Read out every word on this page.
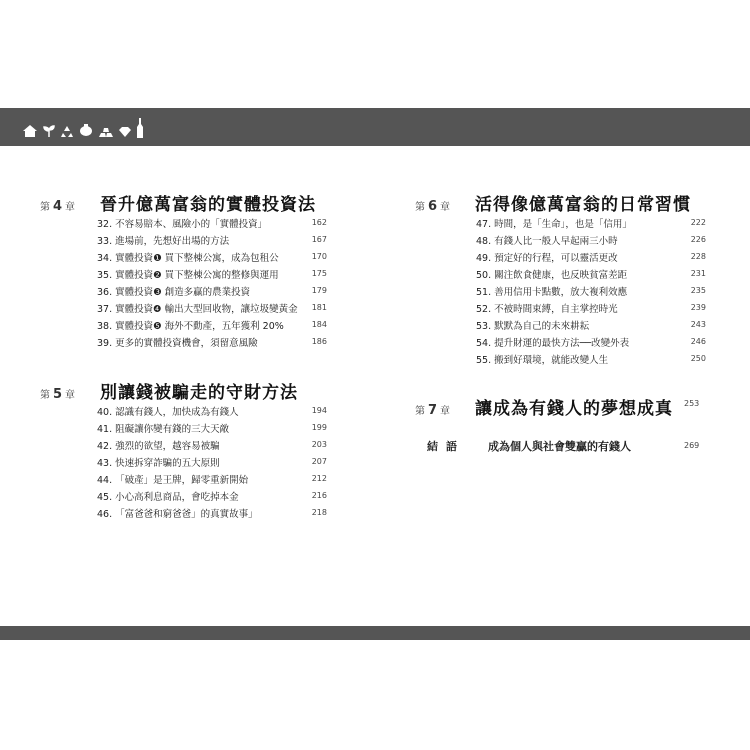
第 4 章 晉升億萬富翁的實體投資法
32. 不容易賠本、風險小的「實體投資」	162
33. 進場前，先想好出場的方法	167
34. 實體投資❶ 買下整棟公寓，成為包租公	170
35. 實體投資❷ 買下整棟公寓的整修與運用	175
36. 實體投資❸ 創造多贏的農業投資	179
37. 實體投資❹ 輸出大型回收物，讓垃圾變黃金 181
38. 實體投資❺ 海外不動產，五年獲利 20%	184
39. 更多的實體投資機會，須留意風險	186
第 5 章 別讓錢被騙走的守財方法
40. 認識有錢人，加快成為有錢人	194
41. 阻礙讓你變有錢的三大天敵	199
42. 強烈的欲望，越容易被騙	203
43. 快速拆穿詐騙的五大原則	207
44. 「破產」是王牌，歸零重新開始	212
45. 小心高利息商品，會吃掉本金	216
46. 「富爸爸和窮爸爸」的真實故事」	218
第 6 章 活得像億萬富翁的日常習慣
47. 時間，是「生命」，也是「信用」	222
48. 有錢人比一般人早起兩三小時	226
49. 預定好的行程，可以靈活更改	228
50. 關注飲食健康，也反映貧富差距	231
51. 善用信用卡點數，放大複利效應	235
52. 不被時間束縛，自主掌控時光	239
53. 默默為自己的未來耕耘	243
54. 提升財運的最快方法──改變外表	246
55. 搬到好環境，就能改變人生	250
第 7 章 讓成為有錢人的夢想成真 253
結語	成為個人與社會雙贏的有錢人	269
